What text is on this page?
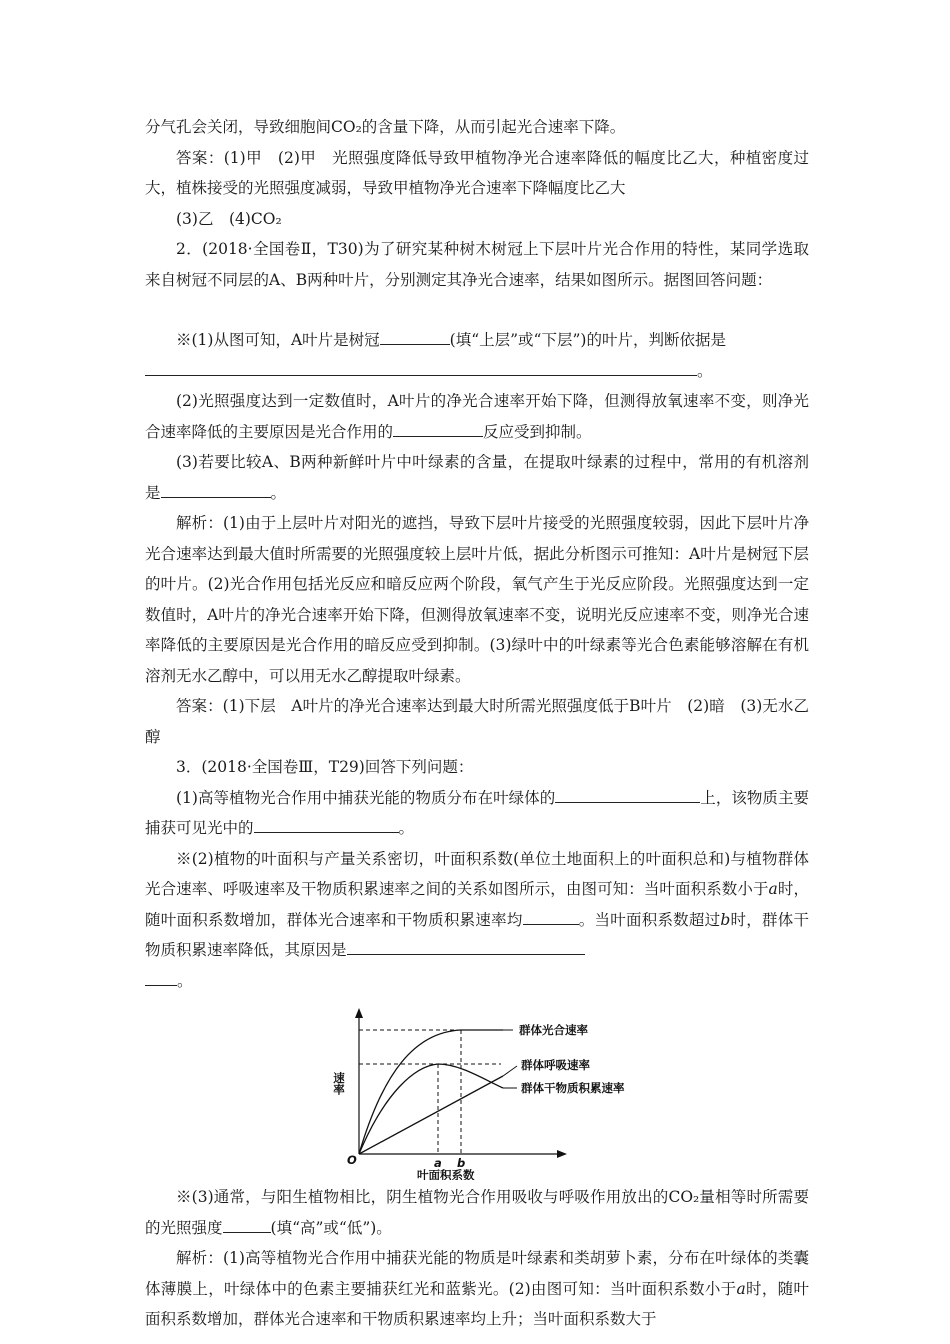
分气孔会关闭，导致细胞间CO₂的含量下降，从而引起光合速率下降。

答案：(1)甲　(2)甲　光照强度降低导致甲植物净光合速率降低的幅度比乙大，种植密度过大，植株接受的光照强度减弱，导致甲植物净光合速率下降幅度比乙大

(3)乙　(4)CO₂

2．(2018·全国卷Ⅱ，T30)为了研究某种树木树冠上下层叶片光合作用的特性，某同学选取来自树冠不同层的A、B两种叶片，分别测定其净光合速率，结果如图所示。据图回答问题：

※(1)从图可知，A叶片是树冠	(填“上层”或“下层”)的叶片，判断依据是

。

(2)光照强度达到一定数值时，A叶片的净光合速率开始下降，但测得放氧速率不变，则净光合速率降低的主要原因是光合作用的	反应受到抑制。

(3)若要比较A、B两种新鲜叶片中叶绿素的含量，在提取叶绿素的过程中，常用的有机溶剂是	。

解析：(1)由于上层叶片对阳光的遮挡，导致下层叶片接受的光照强度较弱，因此下层叶片净光合速率达到最大值时所需要的光照强度较上层叶片低，据此分析图示可推知：A叶片是树冠下层的叶片。(2)光合作用包括光反应和暗反应两个阶段，氧气产生于光反应阶段。光照强度达到一定数值时，A叶片的净光合速率开始下降，但测得放氧速率不变，说明光反应速率不变，则净光合速率降低的主要原因是光合作用的暗反应受到抑制。(3)绿叶中的叶绿素等光合色素能够溶解在有机溶剂无水乙醇中，可以用无水乙醇提取叶绿素。

答案：(1)下层　A叶片的净光合速率达到最大时所需光照强度低于B叶片　(2)暗　(3)无水乙醇

3．(2018·全国卷Ⅲ，T29)回答下列问题：

(1)高等植物光合作用中捕获光能的物质分布在叶绿体的	上，该物质主要捕获可见光中的	。

※(2)植物的叶面积与产量关系密切，叶面积系数(单位土地面积上的叶面积总和)与植物群体光合速率、呼吸速率及干物质积累速率之间的关系如图所示，由图可知：当叶面积系数小于a时，随叶面积系数增加，群体光合速率和干物质积累速率均	。当叶面积系数超过b时，群体干物质积累速率降低，其原因是

。

群体光合速率
群体呼吸速率
群体干物质积累速率
速率
O	a b
叶面积系数

※(3)通常，与阳生植物相比，阴生植物光合作用吸收与呼吸作用放出的CO₂量相等时所需要的光照强度	(填“高”或“低”)。

解析：(1)高等植物光合作用中捕获光能的物质是叶绿素和类胡萝卜素，分布在叶绿体的类囊体薄膜上，叶绿体中的色素主要捕获红光和蓝紫光。(2)由图可知：当叶面积系数小于a时，随叶面积系数增加，群体光合速率和干物质积累速率均上升；当叶面积系数大于
